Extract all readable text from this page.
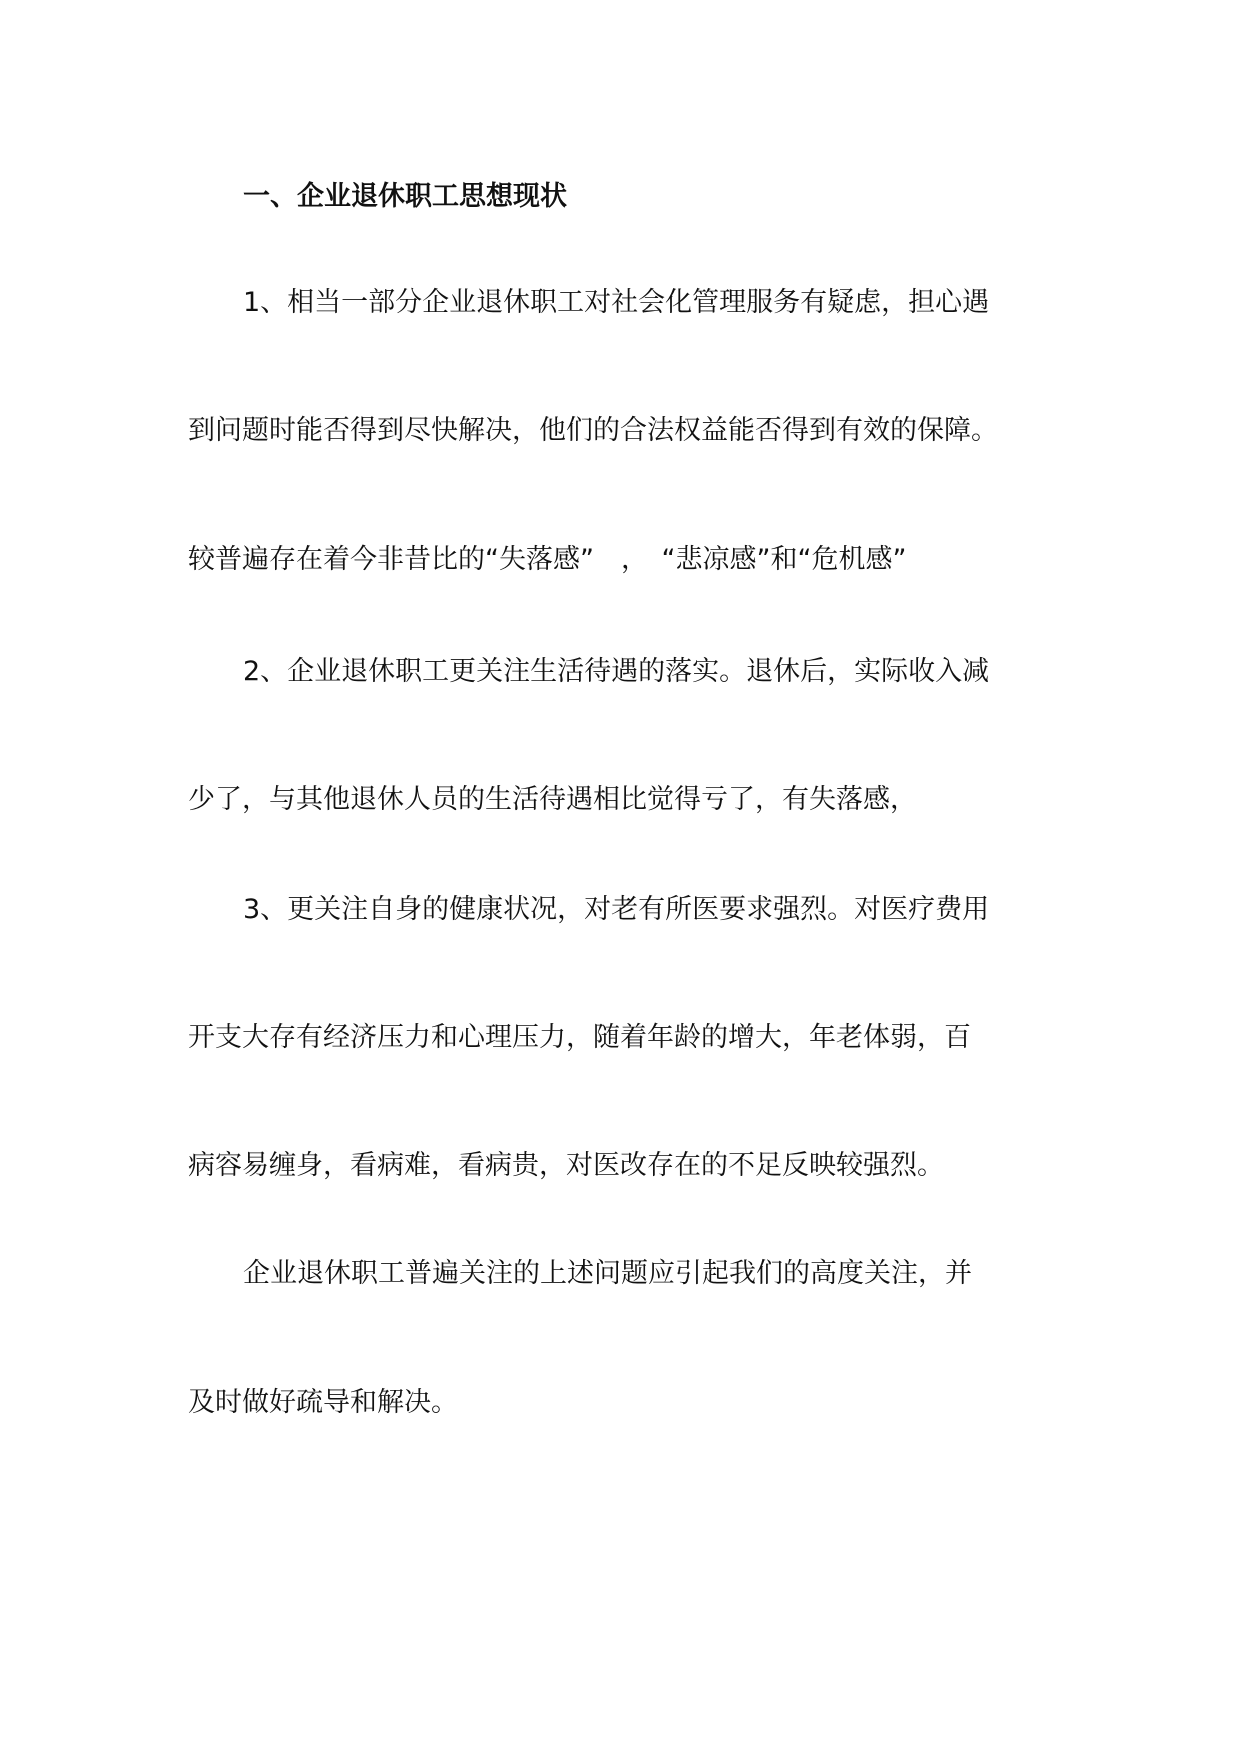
一、企业退休职工思想现状
1、相当一部分企业退休职工对社会化管理服务有疑虑，担心遇
到问题时能否得到尽快解决，他们的合法权益能否得到有效的保障。
较普遍存在着今非昔比的“失落感”　，　“悲凉感”和“危机感”
2、企业退休职工更关注生活待遇的落实。退休后，实际收入减
少了，与其他退休人员的生活待遇相比觉得亏了，有失落感，
3、更关注自身的健康状况，对老有所医要求强烈。对医疗费用
开支大存有经济压力和心理压力，随着年龄的增大，年老体弱，百
病容易缠身，看病难，看病贵，对医改存在的不足反映较强烈。
企业退休职工普遍关注的上述问题应引起我们的高度关注，并
及时做好疏导和解决。
